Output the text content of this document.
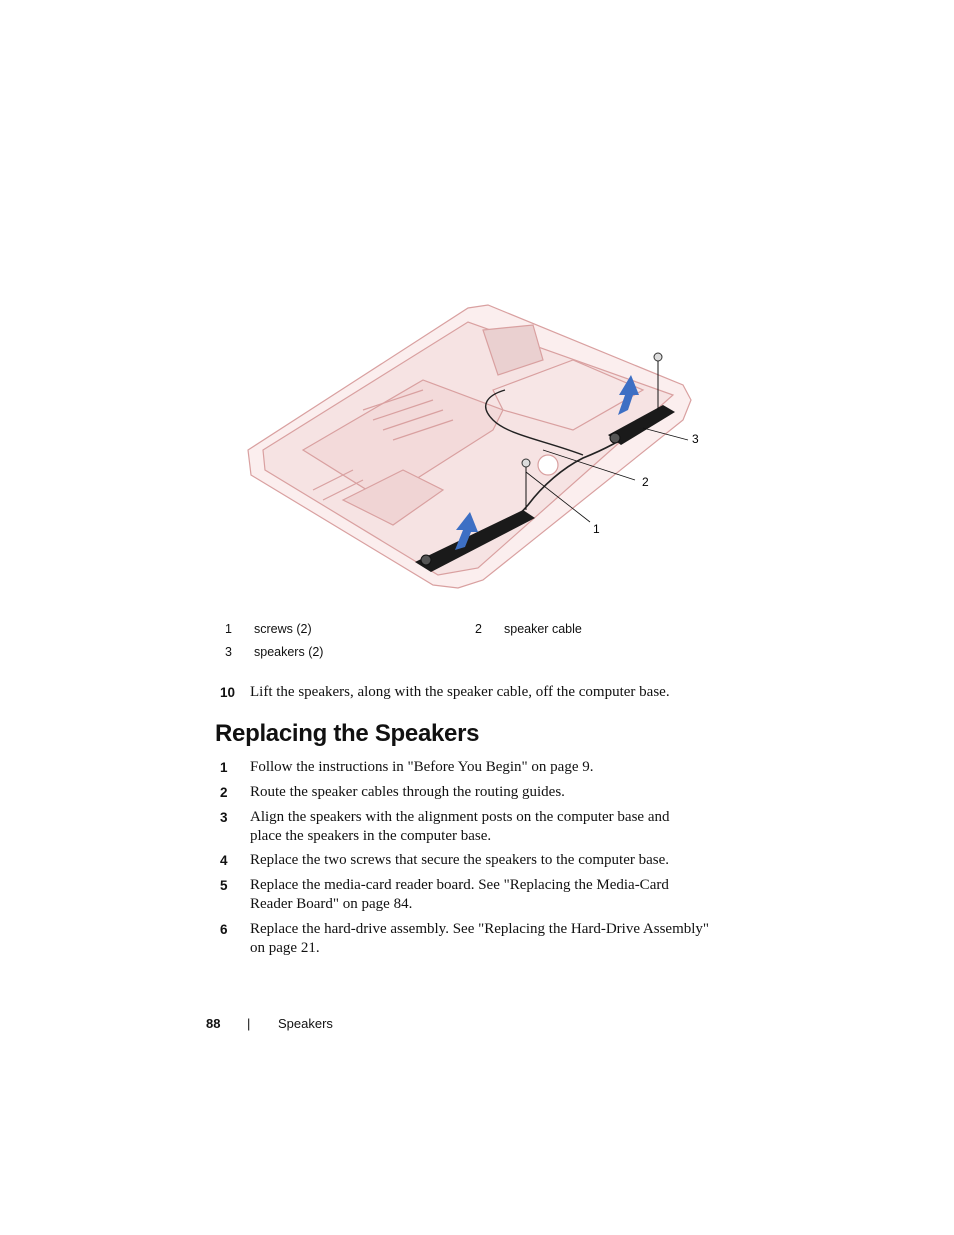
3
2
1
1	screws (2)	2	speaker cable
3	speakers (2)
10 Lift the speakers, along with the speaker cable, off the computer base.
Replacing the Speakers
1 Follow the instructions in "Before You Begin" on page 9.
2 Route the speaker cables through the routing guides.
3 Align the speakers with the alignment posts on the computer base and place the speakers in the computer base.
4 Replace the two screws that secure the speakers to the computer base.
5 Replace the media-card reader board. See "Replacing the Media-Card Reader Board" on page 84.
6 Replace the hard-drive assembly. See "Replacing the Hard-Drive Assembly" on page 21.
88 | Speakers
